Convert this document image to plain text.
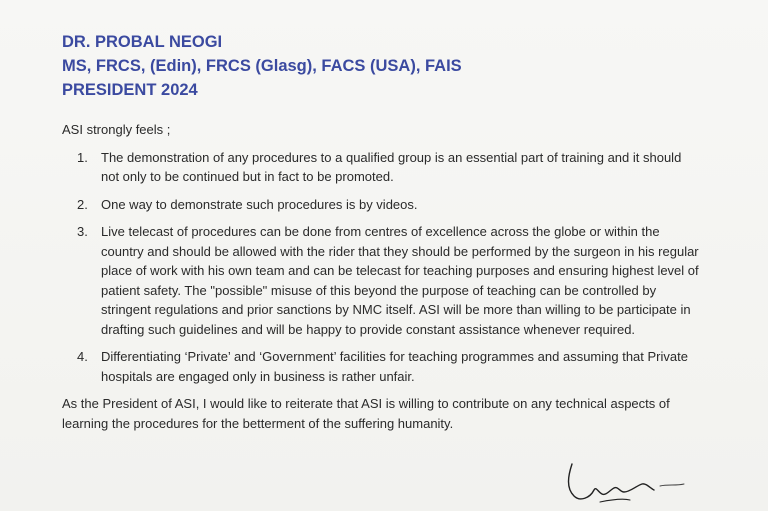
DR. PROBAL NEOGI
MS, FRCS, (Edin), FRCS (Glasg), FACS (USA), FAIS
PRESIDENT 2024

ASI strongly feels ;

1. The demonstration of any procedures to a qualified group is an essential part of training and it should not only to be continued but in fact to be promoted.
2. One way to demonstrate such procedures is by videos.
3. Live telecast of procedures can be done from centres of excellence across the globe or within the country and should be allowed with the rider that they should be performed by the surgeon in his regular place of work with his own team and can be telecast for teaching purposes and ensuring highest level of patient safety. The "possible" misuse of this beyond the purpose of teaching can be controlled by stringent regulations and prior sanctions by NMC itself. ASI will be more than willing to be participate in drafting such guidelines and will be happy to provide constant assistance whenever required.
4. Differentiating ‘Private’ and ‘Government’ facilities for teaching programmes and assuming that Private hospitals are engaged only in business is rather unfair.

As the President of ASI, I would like to reiterate that ASI is willing to contribute on any technical aspects of learning the procedures for the betterment of the suffering humanity.
